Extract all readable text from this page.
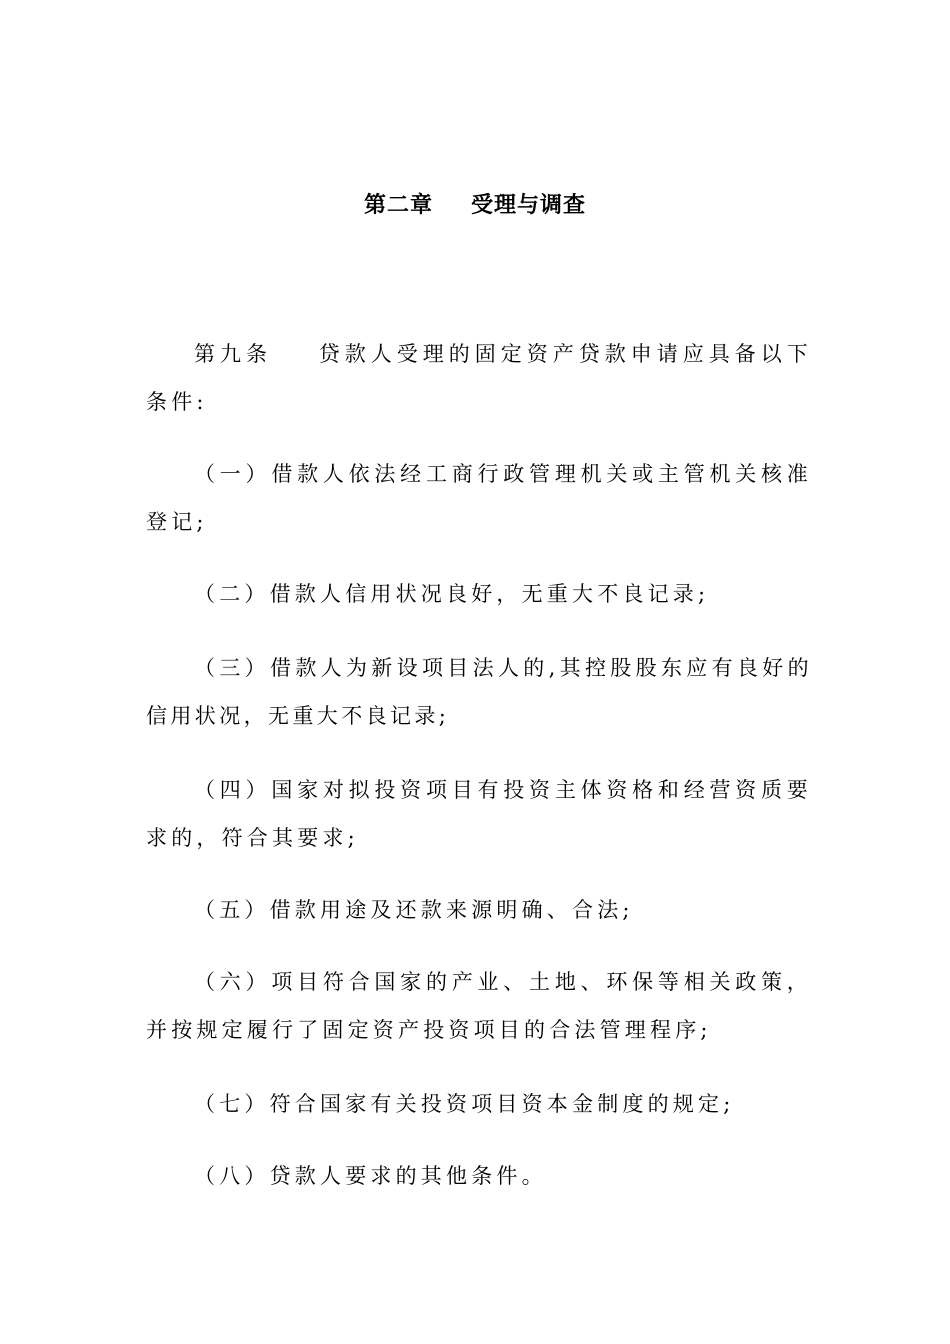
第二章 受理与调查

第九条 贷款人受理的固定资产贷款申请应具备以下条件:

（一）借款人依法经工商行政管理机关或主管机关核准登记;

（二）借款人信用状况良好，无重大不良记录;

（三）借款人为新设项目法人的,其控股股东应有良好的信用状况，无重大不良记录;

（四）国家对拟投资项目有投资主体资格和经营资质要求的，符合其要求;

（五）借款用途及还款来源明确、合法;

（六）项目符合国家的产业、土地、环保等相关政策，并按规定履行了固定资产投资项目的合法管理程序;

（七）符合国家有关投资项目资本金制度的规定;

（八）贷款人要求的其他条件。
